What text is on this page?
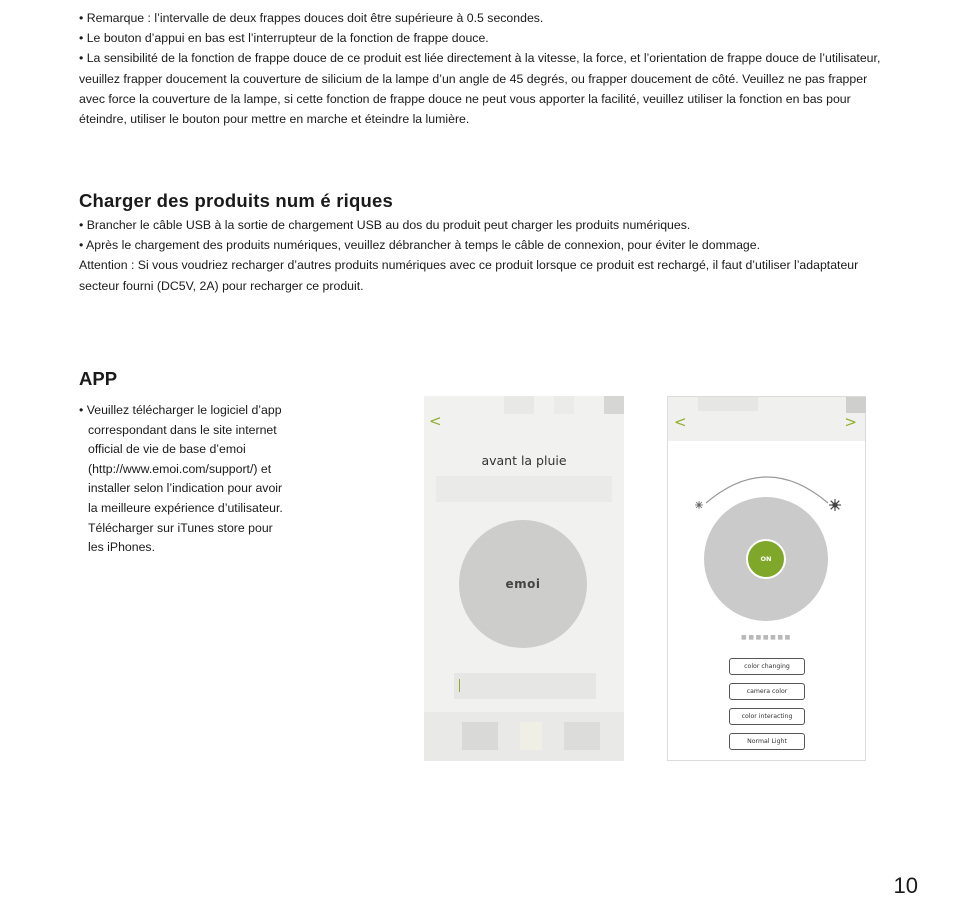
• Remarque : l’intervalle de deux frappes douces doit être supérieure à 0.5 secondes.

• Le bouton d’appui en bas est l’interrupteur de la fonction de frappe douce.

• La sensibilité de la fonction de frappe douce de ce produit est liée directement à la vitesse, la force, et l’orientation de frappe douce de l’utilisateur, veuillez frapper doucement la couverture de silicium de la lampe d’un angle de 45 degrés, ou frapper doucement de côté. Veuillez ne pas frapper avec force la couverture de la lampe, si cette fonction de frappe douce ne peut vous apporter la facilité, veuillez utiliser la fonction en bas pour éteindre, utiliser le bouton pour mettre en marche et éteindre la lumière.

Charger des produits num é riques

• Brancher le câble USB à la sortie de chargement USB au dos du produit peut charger les produits numériques.

• Après le chargement des produits numériques, veuillez débrancher à temps le câble de connexion, pour éviter le dommage.

Attention : Si vous voudriez recharger d’autres produits numériques avec ce produit lorsque ce produit est rechargé, il faut d’utiliser l’adaptateur secteur fourni (DC5V, 2A) pour recharger ce produit.

APP

• Veuillez télécharger le logiciel d’app

correspondant dans le site internet
official de vie de base d’emoi
(http://www.emoi.com/support/) et
installer selon l’indication pour avoir
la meilleure expérience d’utilisateur.
Télécharger sur iTunes store pour
les iPhones.
<
avant la pluie
emoi
<	>
ON
■■■■■■■
color changing
camera color
color interacting
Normal Light
10
